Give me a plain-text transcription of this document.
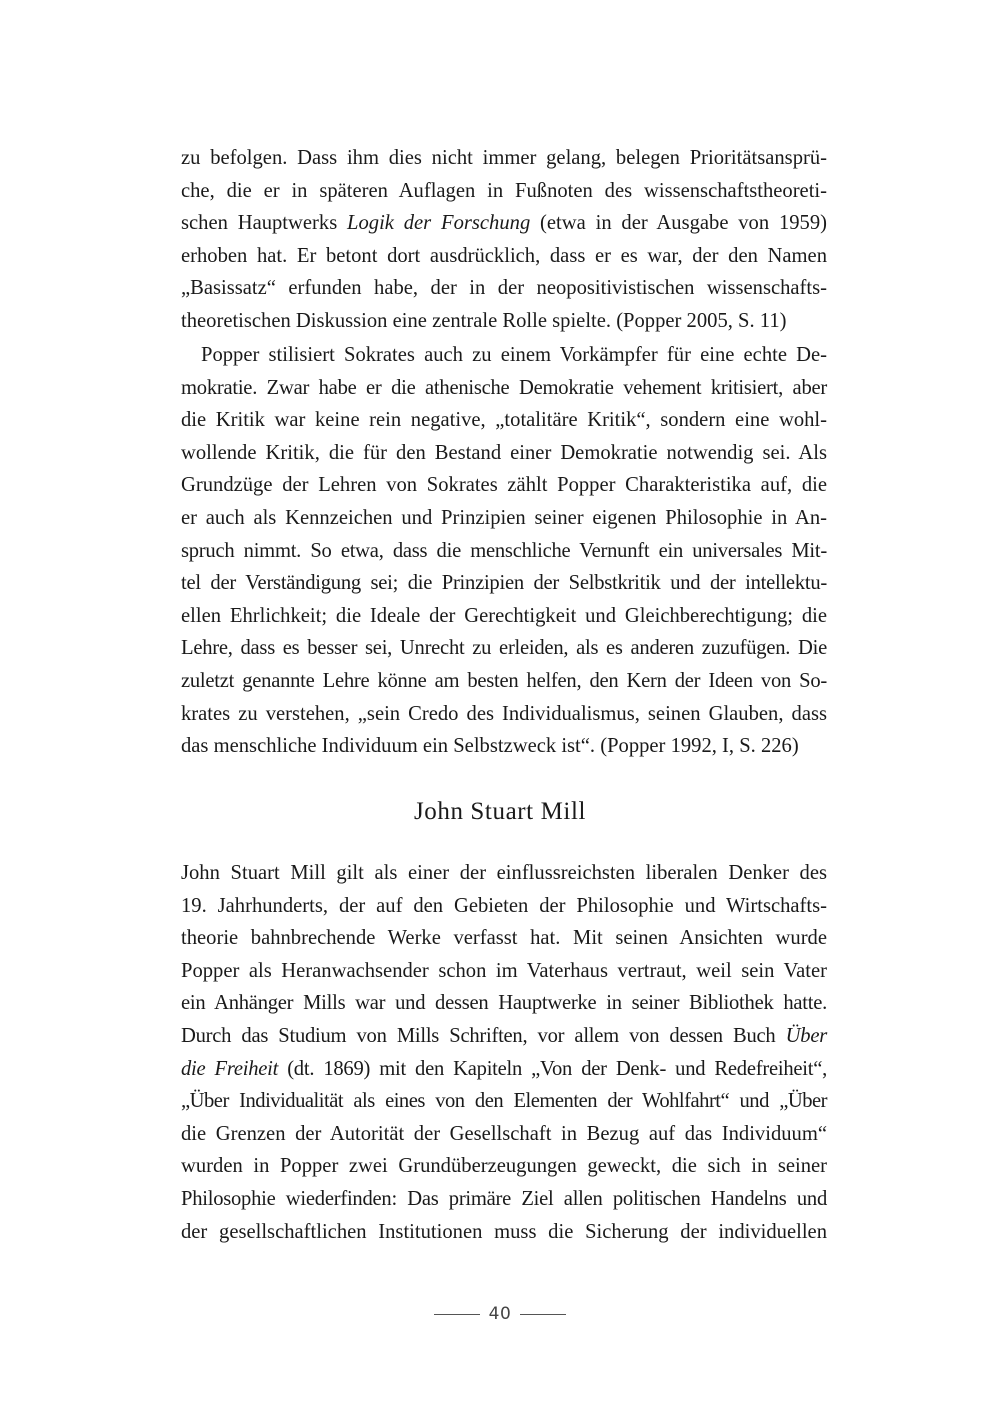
zu befolgen. Dass ihm dies nicht immer gelang, belegen Prioritätsansprü-
che, die er in späteren Auflagen in Fußnoten des wissenschaftstheoreti-
schen Hauptwerks Logik der Forschung (etwa in der Ausgabe von 1959)
erhoben hat. Er betont dort ausdrücklich, dass er es war, der den Namen
„Basissatz“ erfunden habe, der in der neopositivistischen wissenschafts-
theoretischen Diskussion eine zentrale Rolle spielte. (Popper 2005, S. 11)
Popper stilisiert Sokrates auch zu einem Vorkämpfer für eine echte De-
mokratie. Zwar habe er die athenische Demokratie vehement kritisiert, aber
die Kritik war keine rein negative, „totalitäre Kritik“, sondern eine wohl-
wollende Kritik, die für den Bestand einer Demokratie notwendig sei. Als
Grundzüge der Lehren von Sokrates zählt Popper Charakteristika auf, die
er auch als Kennzeichen und Prinzipien seiner eigenen Philosophie in An-
spruch nimmt. So etwa, dass die menschliche Vernunft ein universales Mit-
tel der Verständigung sei; die Prinzipien der Selbstkritik und der intellektu-
ellen Ehrlichkeit; die Ideale der Gerechtigkeit und Gleichberechtigung; die
Lehre, dass es besser sei, Unrecht zu erleiden, als es anderen zuzufügen. Die
zuletzt genannte Lehre könne am besten helfen, den Kern der Ideen von So-
krates zu verstehen, „sein Credo des Individualismus, seinen Glauben, dass
das menschliche Individuum ein Selbstzweck ist“. (Popper 1992, I, S. 226)
John Stuart Mill
John Stuart Mill gilt als einer der einflussreichsten liberalen Denker des
19. Jahrhunderts, der auf den Gebieten der Philosophie und Wirtschafts-
theorie bahnbrechende Werke verfasst hat. Mit seinen Ansichten wurde
Popper als Heranwachsender schon im Vaterhaus vertraut, weil sein Vater
ein Anhänger Mills war und dessen Hauptwerke in seiner Bibliothek hatte.
Durch das Studium von Mills Schriften, vor allem von dessen Buch Über
die Freiheit (dt. 1869) mit den Kapiteln „Von der Denk- und Redefreiheit“,
„Über Individualität als eines von den Elementen der Wohlfahrt“ und „Über
die Grenzen der Autorität der Gesellschaft in Bezug auf das Individuum“
wurden in Popper zwei Grundüberzeugungen geweckt, die sich in seiner
Philosophie wiederfinden: Das primäre Ziel allen politischen Handelns und
der gesellschaftlichen Institutionen muss die Sicherung der individuellen
40
